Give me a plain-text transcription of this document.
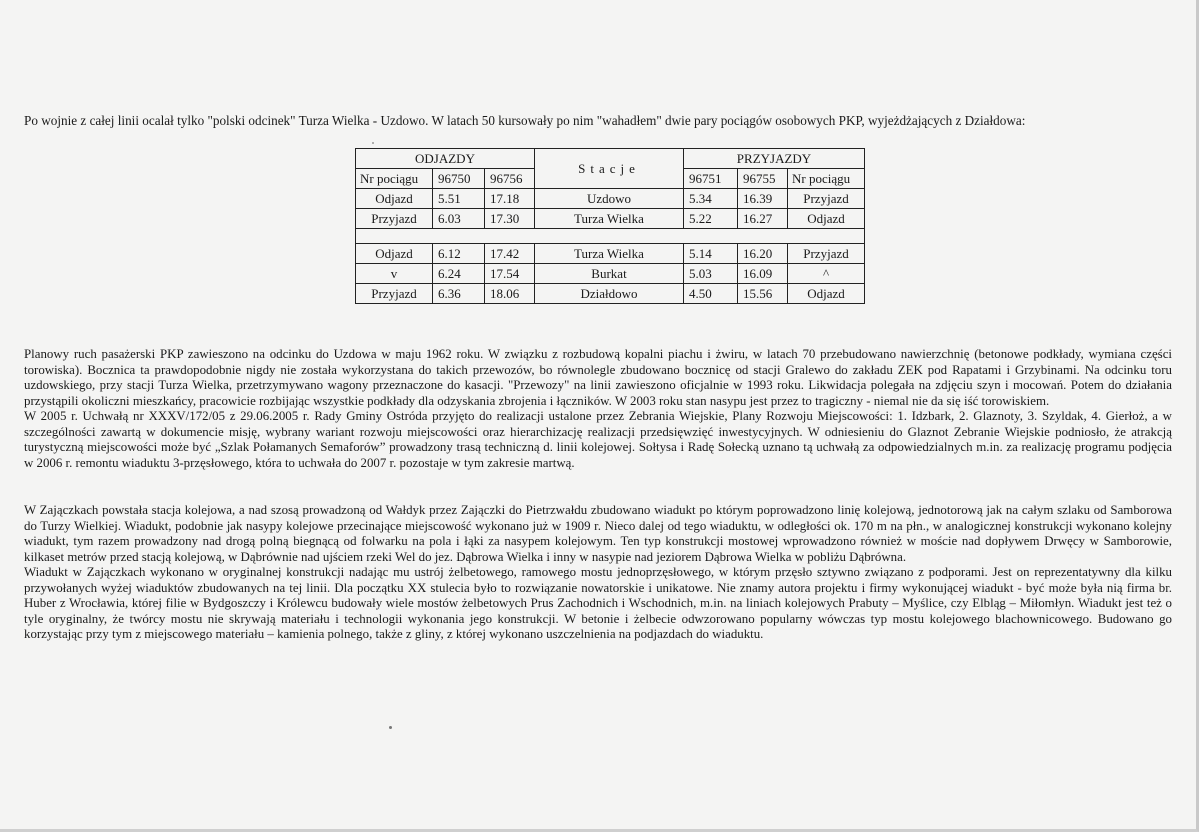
Po wojnie z całej linii ocalał tylko "polski odcinek" Turza Wielka - Uzdowo. W latach 50 kursowały po nim "wahadłem" dwie pary pociągów osobowych PKP, wyjeżdżających z Działdowa:
ODJAZDY			Stacje	PRZYJAZDY		
Nr pociągu	96750	96756		96751	96755	Nr pociągu
Odjazd	5.51	17.18	Uzdowo	5.34	16.39	Przyjazd
Przyjazd	6.03	17.30	Turza Wielka	5.22	16.27	Odjazd

Odjazd	6.12	17.42	Turza Wielka	5.14	16.20	Przyjazd
v	6.24	17.54	Burkat	5.03	16.09	^
Przyjazd	6.36	18.06	Działdowo	4.50	15.56	Odjazd

Planowy ruch pasażerski PKP zawieszono na odcinku do Uzdowa w maju 1962 roku. W związku z rozbudową kopalni piachu i żwiru, w latach 70 przebudowano nawierzchnię (betonowe podkłady, wymiana części torowiska). Bocznica ta prawdopodobnie nigdy nie została wykorzystana do takich przewozów, bo równolegle zbudowano bocznicę od stacji Gralewo do zakładu ZEK pod Rapatami i Grzybinami. Na odcinku toru uzdowskiego, przy stacji Turza Wielka, przetrzymywano wagony przeznaczone do kasacji. "Przewozy" na linii zawieszono oficjalnie w 1993 roku. Likwidacja polegała na zdjęciu szyn i mocowań. Potem do działania przystąpili okoliczni mieszkańcy, pracowicie rozbijając wszystkie podkłady dla odzyskania zbrojenia i łączników. W 2003 roku stan nasypu jest przez to tragiczny - niemal nie da się iść torowiskiem.

W 2005 r. Uchwałą nr XXXV/172/05 z 29.06.2005 r. Rady Gminy Ostróda przyjęto do realizacji ustalone przez Zebrania Wiejskie, Plany Rozwoju Miejscowości: 1. Idzbark, 2. Glaznoty, 3. Szyldak, 4. Gierłoż, a w szczególności zawartą w dokumencie misję, wybrany wariant rozwoju miejscowości oraz hierarchizację realizacji przedsięwzięć inwestycyjnych. W odniesieniu do Glaznot Zebranie Wiejskie podniosło, że atrakcją turystyczną miejscowości może być „Szlak Połamanych Semaforów” prowadzony trasą techniczną d. linii kolejowej. Sołtysa i Radę Sołecką uznano tą uchwałą za odpowiedzialnych m.in. za realizację programu podjęcia w 2006 r. remontu wiaduktu 3-przęsłowego, która to uchwała do 2007 r. pozostaje w tym zakresie martwą.

W Zajączkach powstała stacja kolejowa, a nad szosą prowadzoną od Wałdyk przez Zajączki do Pietrzwałdu zbudowano wiadukt po którym poprowadzono linię kolejową, jednotorową jak na całym szlaku od Samborowa do Turzy Wielkiej. Wiadukt, podobnie jak nasypy kolejowe przecinające miejscowość wykonano już w 1909 r. Nieco dalej od tego wiaduktu, w odległości ok. 170 m na płn., w analogicznej konstrukcji wykonano kolejny wiadukt, tym razem prowadzony nad drogą polną biegnącą od folwarku na pola i łąki za nasypem kolejowym. Ten typ konstrukcji mostowej wprowadzono również w moście nad dopływem Drwęcy w Samborowie, kilkaset metrów przed stacją kolejową, w Dąbrównie nad ujściem rzeki Wel do jez. Dąbrowa Wielka i inny w nasypie nad jeziorem Dąbrowa Wielka w pobliżu Dąbrówna.

Wiadukt w Zajączkach wykonano w oryginalnej konstrukcji nadając mu ustrój żelbetowego, ramowego mostu jednoprzęsłowego, w którym przęsło sztywno związano z podporami. Jest on reprezentatywny dla kilku przywołanych wyżej wiaduktów zbudowanych na tej linii. Dla początku XX stulecia było to rozwiązanie nowatorskie i unikatowe. Nie znamy autora projektu i firmy wykonującej wiadukt - być może była nią firma br. Huber z Wrocławia, której filie w Bydgoszczy i Królewcu budowały wiele mostów żelbetowych Prus Zachodnich i Wschodnich, m.in. na liniach kolejowych Prabuty – Myślice, czy Elbląg – Miłomłyn. Wiadukt jest też o tyle oryginalny, że twórcy mostu nie skrywają materiału i technologii wykonania jego konstrukcji. W betonie i żelbecie odwzorowano popularny wówczas typ mostu kolejowego blachownicowego. Budowano go korzystając przy tym z miejscowego materiału – kamienia polnego, także z gliny, z której wykonano uszczelnienia na podjazdach do wiaduktu.
